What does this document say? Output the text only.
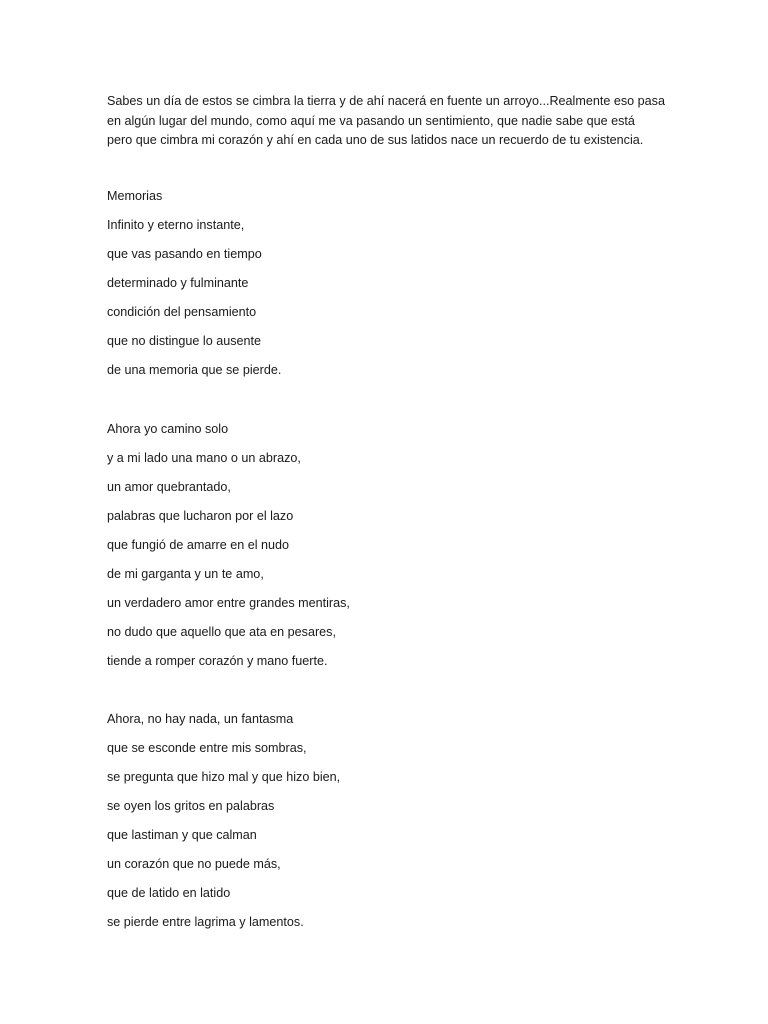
Sabes un día de estos se cimbra la tierra y de ahí nacerá en fuente un arroyo...Realmente eso pasa
en algún lugar del mundo, como aquí me va pasando un sentimiento, que nadie sabe que está
pero que cimbra mi corazón y ahí en cada uno de sus latidos nace un recuerdo de tu existencia.
Memorias
Infinito y eterno instante,
que vas pasando en tiempo
determinado y fulminante
condición del pensamiento
que no distingue lo ausente
de una memoria que se pierde.
Ahora yo camino solo
y a mi lado una mano o un abrazo,
un amor quebrantado,
palabras que lucharon por el lazo
que fungió de amarre en el nudo
de mi garganta y un te amo,
un verdadero amor entre grandes mentiras,
no dudo que aquello que ata en pesares,
tiende a romper corazón y mano fuerte.
Ahora, no hay nada, un fantasma
que se esconde entre mis sombras,
se pregunta que hizo mal y que hizo bien,
se oyen los gritos en palabras
que lastiman y que calman
un corazón que no puede más,
que de latido en latido
se pierde entre lagrima y lamentos.
